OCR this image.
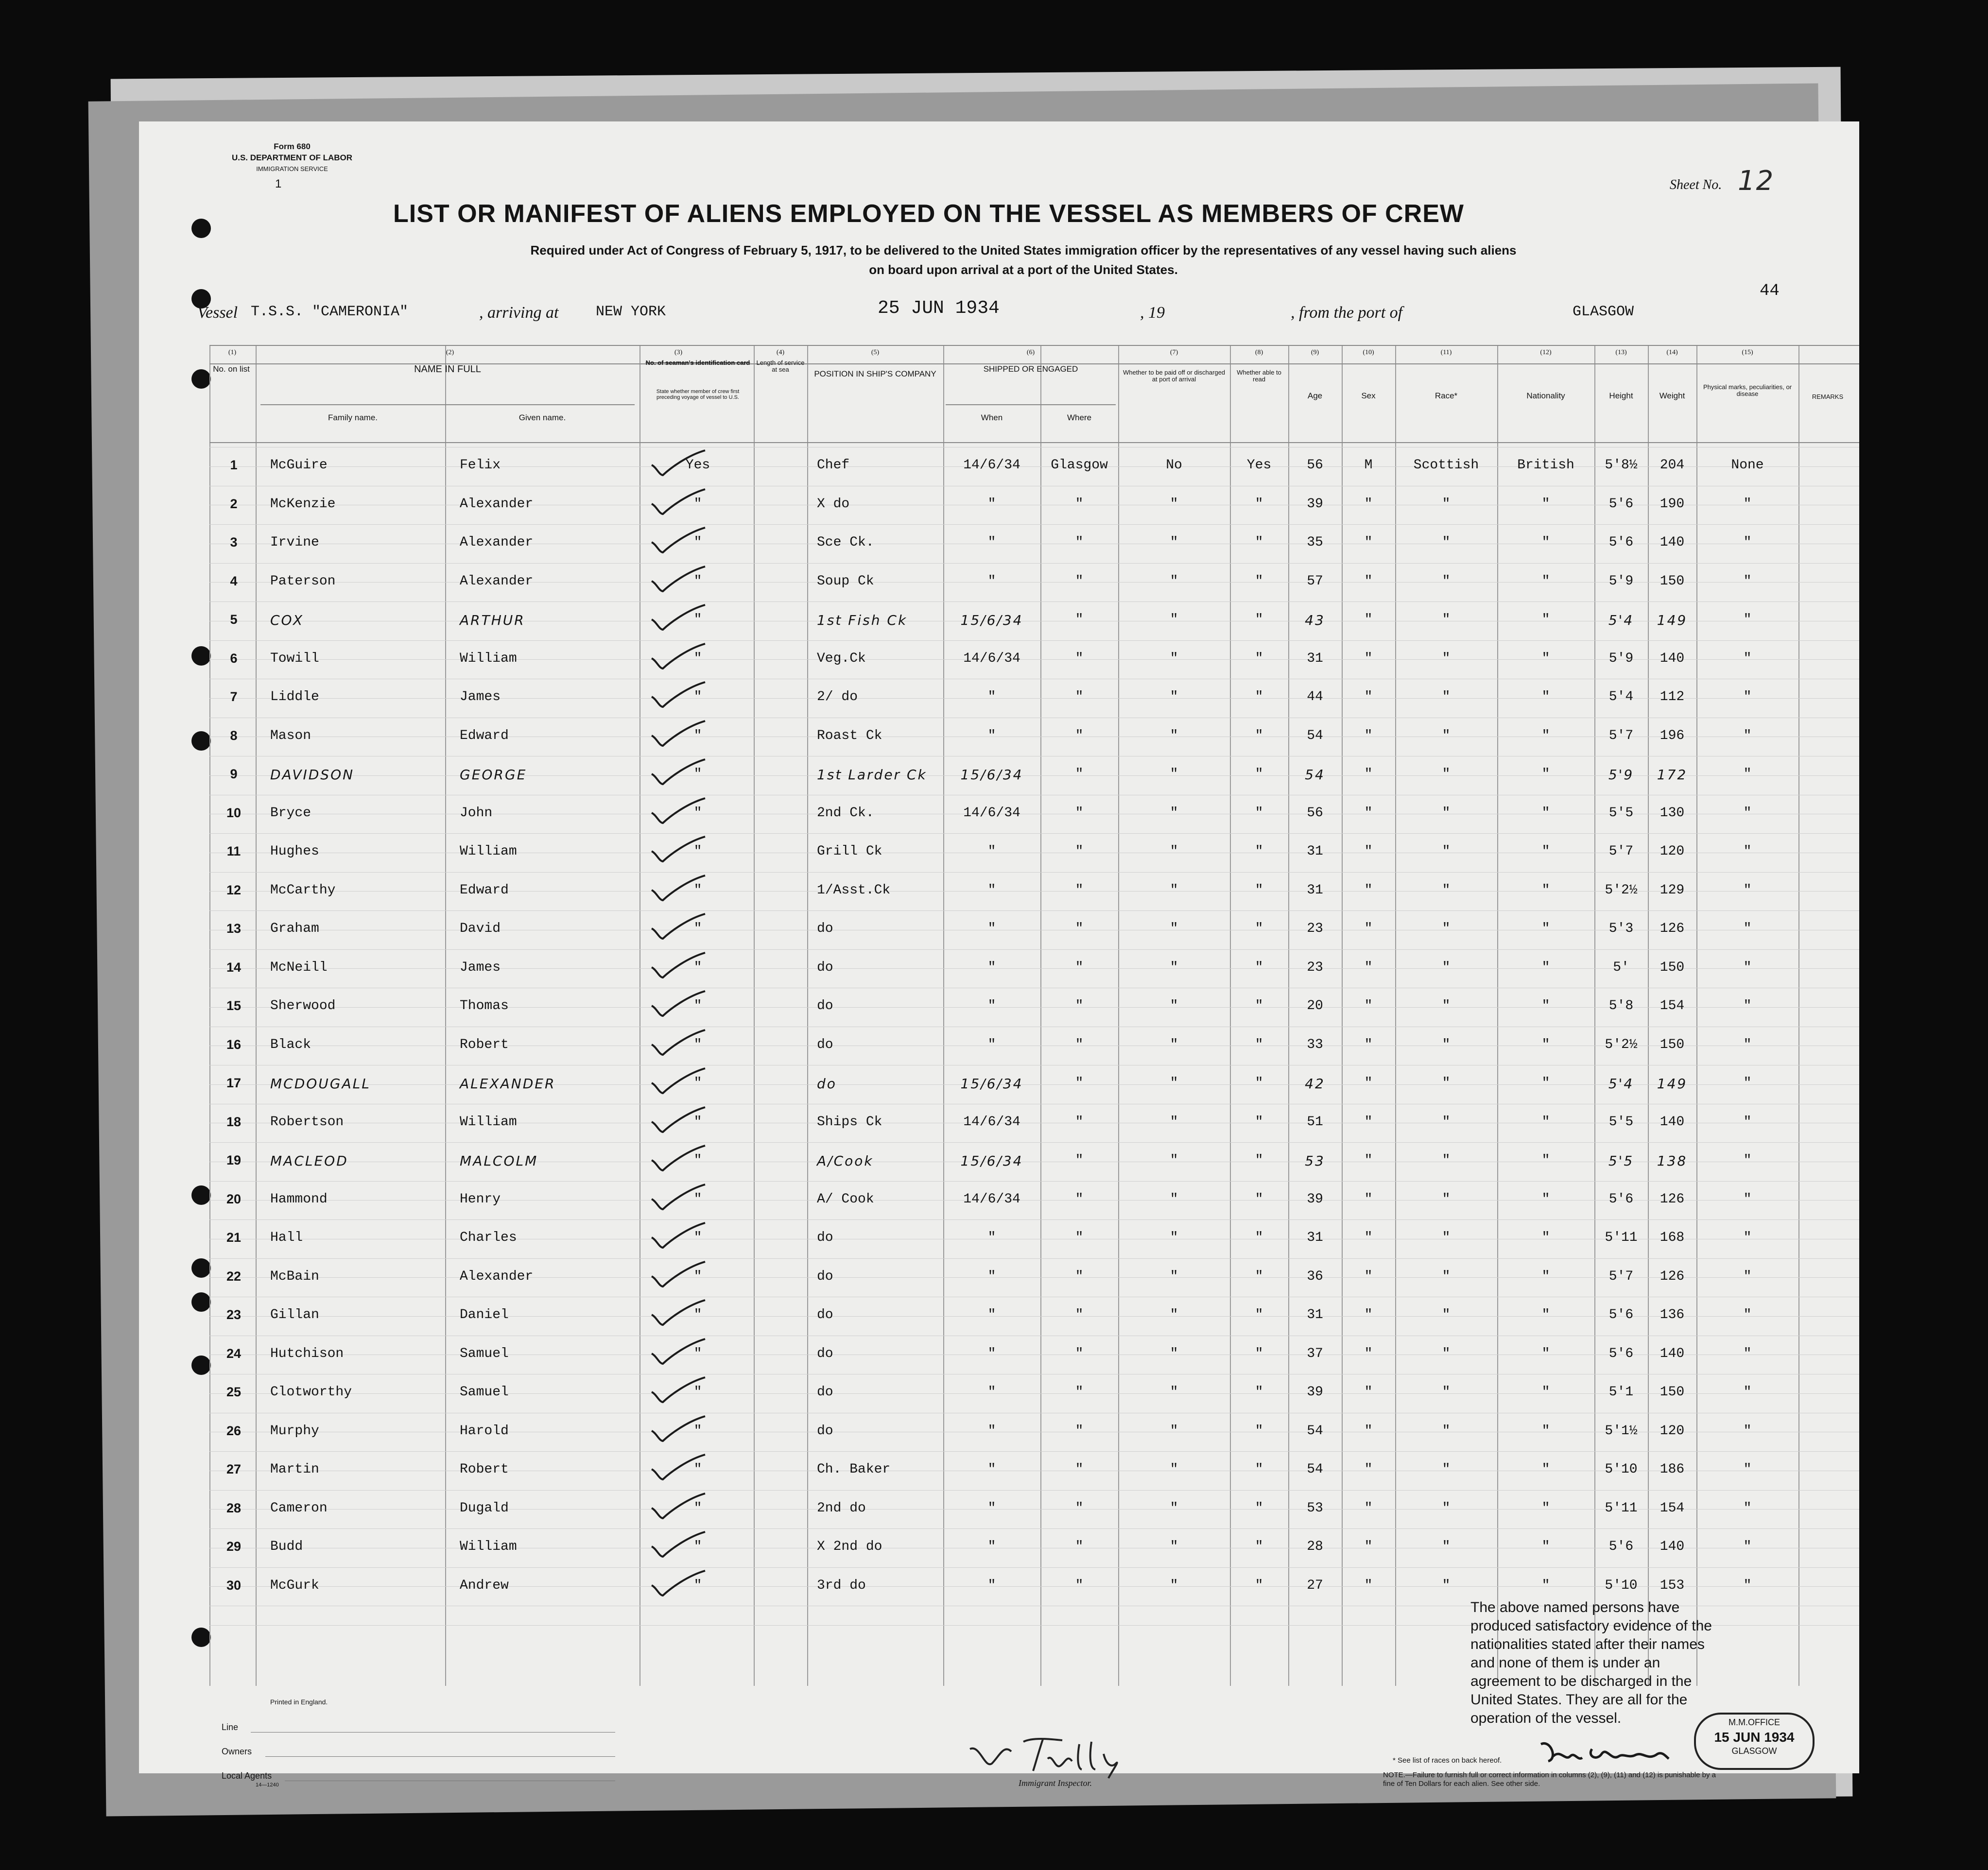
Form 680
U.S. DEPARTMENT OF LABOR
IMMIGRATION SERVICE
1	Sheet No. 12
LIST OR MANIFEST OF ALIENS EMPLOYED ON THE VESSEL AS MEMBERS OF CREW
Required under Act of Congress of February 5, 1917, to be delivered to the United States immigration officer by the representatives of any vessel having such aliens
on board upon arrival at a port of the United States.
44
Vessel T.S.S. "CAMERONIA"	, arriving at	NEW YORK	25 JUN 1934	, 19	, from the port of	GLASGOW
(1)	(2)	(3)	(4)	(5)	(6)	(7)	(8)	(9)	(10)	(11)	(12)	(13)	(14)	(15)
No. on list	NAME IN FULL
Family name.	Given name.
No. of seaman's identification card
State whether member of crew first preceding voyage of vessel to U.S.
Length of service at sea	POSITION IN SHIP'S COMPANY
SHIPPED OR ENGAGED
When	Where
Whether to be paid off or discharged at port of arrival
Whether able to read
Age	Sex	Race*	Nationality	Height	Weight
Physical marks, peculiarities, or disease	REMARKS
1	McGuire	Felix	Yes	Chef	14/6/34	Glasgow	No	Yes	56	M	Scottish	British	5'8½	204	None
2	McKenzie	Alexander	"	X do	"	"	"	"	39	"	"	"	5'6	190	"
3	Irvine	Alexander	"	Sce Ck.	"	"	"	"	35	"	"	"	5'6	140	"
4	Paterson	Alexander	"	Soup Ck	"	"	"	"	57	"	"	"	5'9	150	"
5	COX	ARTHUR	"	1st Fish Ck	15/6/34	"	"	"	43	"	"	"	5'4	149	"
6	Towill	William	"	Veg.Ck	14/6/34	"	"	"	31	"	"	"	5'9	140	"
7	Liddle	James	"	2/ do	"	"	"	"	44	"	"	"	5'4	112	"
8	Mason	Edward	"	Roast Ck	"	"	"	"	54	"	"	"	5'7	196	"
9	DAVIDSON	GEORGE	"	1st Larder Ck	15/6/34	"	"	"	54	"	"	"	5'9	172	"
10	Bryce	John	"	2nd Ck.	14/6/34	"	"	"	56	"	"	"	5'5	130	"
11	Hughes	William	"	Grill Ck	"	"	"	"	31	"	"	"	5'7	120	"
12	McCarthy	Edward	"	1/Asst.Ck	"	"	"	"	31	"	"	"	5'2½	129	"
13	Graham	David	"	do	"	"	"	"	23	"	"	"	5'3	126	"
14	McNeill	James	"	do	"	"	"	"	23	"	"	"	5'	150	"
15	Sherwood	Thomas	"	do	"	"	"	"	20	"	"	"	5'8	154	"
16	Black	Robert	"	do	"	"	"	"	33	"	"	"	5'2½	150	"
17	MCDOUGALL	ALEXANDER	"	do	15/6/34	"	"	"	42	"	"	"	5'4	149	"
18	Robertson	William	"	Ships Ck	14/6/34	"	"	"	51	"	"	"	5'5	140	"
19	MACLEOD	MALCOLM	"	A/Cook	15/6/34	"	"	"	53	"	"	"	5'5	138	"
20	Hammond	Henry	"	A/ Cook	14/6/34	"	"	"	39	"	"	"	5'6	126	"
21	Hall	Charles	"	do	"	"	"	"	31	"	"	"	5'11	168	"
22	McBain	Alexander	"	do	"	"	"	"	36	"	"	"	5'7	126	"
23	Gillan	Daniel	"	do	"	"	"	"	31	"	"	"	5'6	136	"
24	Hutchison	Samuel	"	do	"	"	"	"	37	"	"	"	5'6	140	"
25	Clotworthy	Samuel	"	do	"	"	"	"	39	"	"	"	5'1	150	"
26	Murphy	Harold	"	do	"	"	"	"	54	"	"	"	5'1½	120	"
27	Martin	Robert	"	Ch. Baker	"	"	"	"	54	"	"	"	5'10	186	"
28	Cameron	Dugald	"	2nd do	"	"	"	"	53	"	"	"	5'11	154	"
29	Budd	William	"	X 2nd do	"	"	"	"	28	"	"	"	5'6	140	"
30	McGurk	Andrew	"	3rd do	"	"	"	"	27	"	"	"	5'10	153	"
The above named persons have produced satisfactory evidence of the nationalities stated after their names and none of them is under an agreement to be discharged in the United States. They are all for the operation of the vessel.
Printed in England.
Line
Owners
Local Agents
14—1240	Immigrant Inspector.
M.M.OFFICE
15 JUN 1934
GLASGOW
* See list of races on back hereof.
NOTE.—Failure to furnish full or correct information in columns (2), (9), (11) and (12) is punishable by a fine of Ten Dollars for each alien. See other side.
